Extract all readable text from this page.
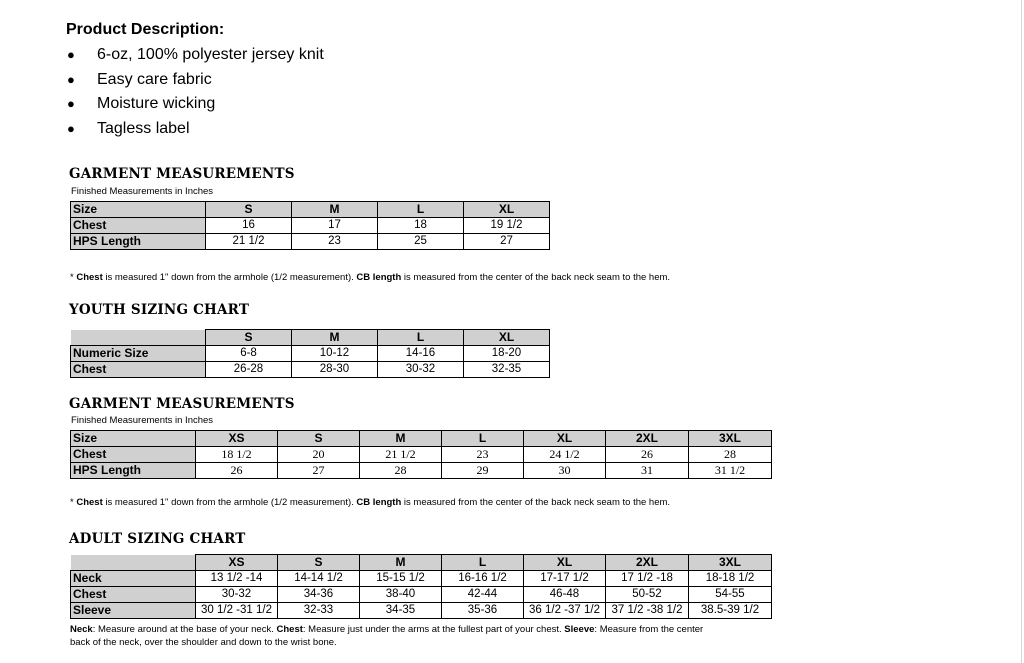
Product Description:
● 6-oz, 100% polyester jersey knit
● Easy care fabric
● Moisture wicking
● Tagless label
GARMENT MEASUREMENTS
Finished Measurements in Inches
Size	S	M	L	XL
Chest	16	17	18	19 1/2
HPS Length	21 1/2	23	25	27
* Chest is measured 1" down from the armhole (1/2 measurement). CB length is measured from the center of the back neck seam to the hem.
YOUTH SIZING CHART
	S	M	L	XL
Numeric Size	6-8	10-12	14-16	18-20
Chest	26-28	28-30	30-32	32-35
GARMENT MEASUREMENTS
Finished Measurements in Inches
Size	XS	S	M	L	XL	2XL	3XL
Chest	18 1/2	20	21 1/2	23	24 1/2	26	28
HPS Length	26	27	28	29	30	31	31 1/2
* Chest is measured 1" down from the armhole (1/2 measurement). CB length is measured from the center of the back neck seam to the hem.
ADULT SIZING CHART
	XS	S	M	L	XL	2XL	3XL
Neck	13 1/2 -14	14-14 1/2	15-15 1/2	16-16 1/2	17-17 1/2	17 1/2 -18	18-18 1/2
Chest	30-32	34-36	38-40	42-44	46-48	50-52	54-55
Sleeve	30 1/2 -31 1/2	32-33	34-35	35-36	36 1/2 -37 1/2	37 1/2 -38 1/2	38.5-39 1/2
Neck: Measure around at the base of your neck. Chest: Measure just under the arms at the fullest part of your chest. Sleeve: Measure from the center
back of the neck, over the shoulder and down to the wrist bone.
